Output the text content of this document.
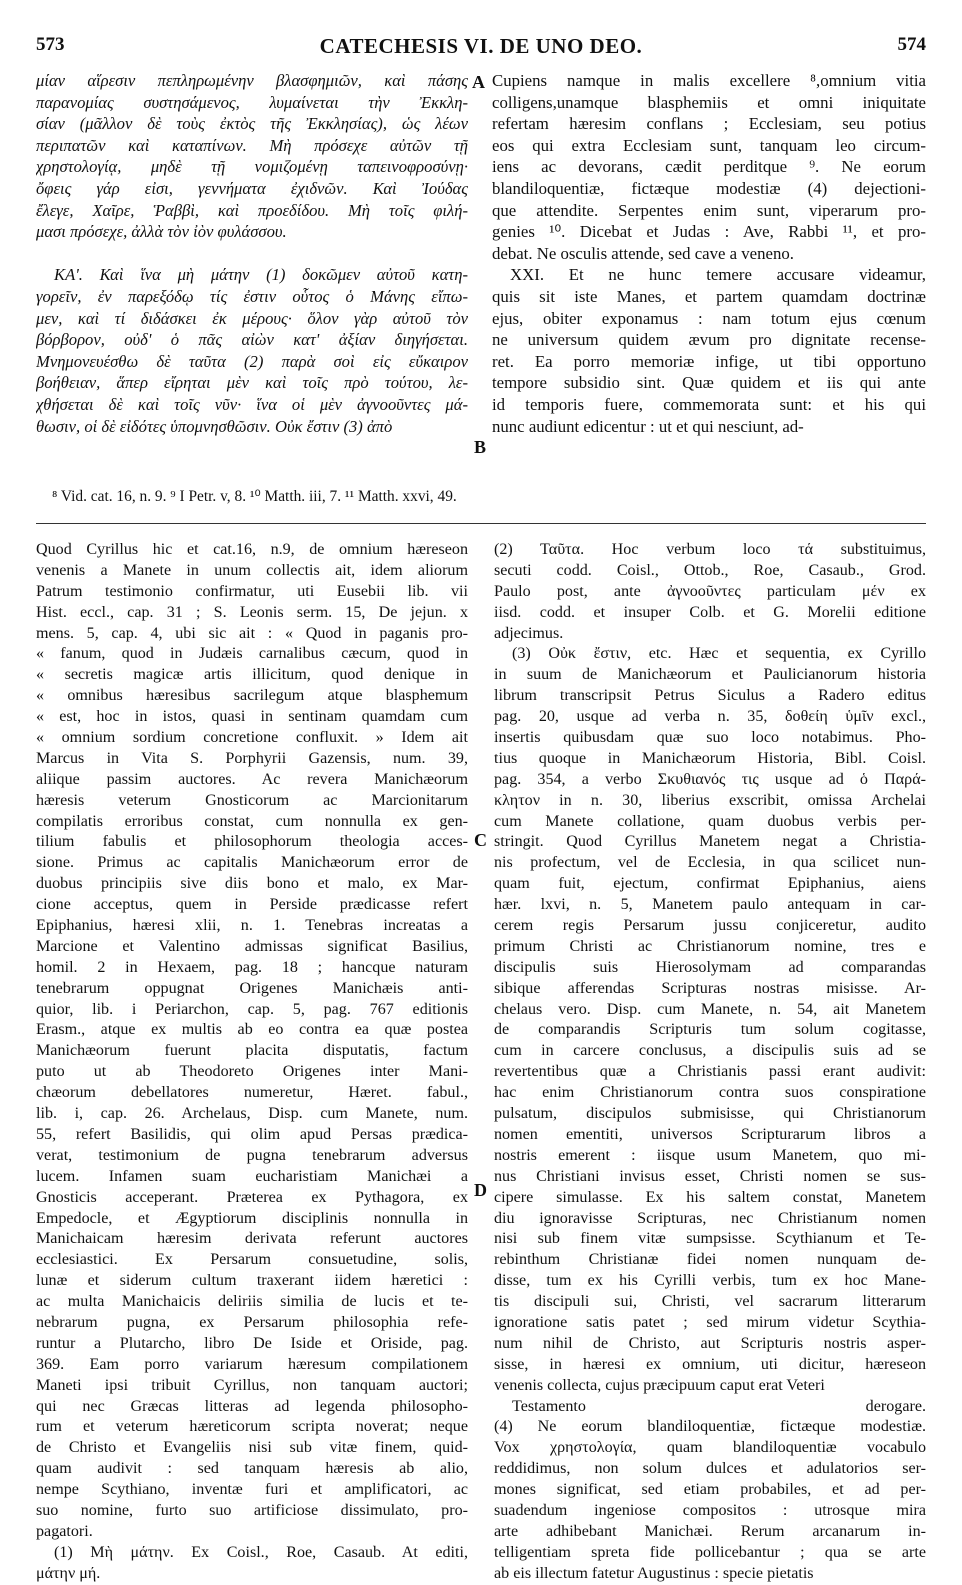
573	CATECHESIS VI. DE UNO DEO.	574
μίαν αἵρεσιν πεπληρωμένην βλασφημιῶν, καὶ πάσης
παρανομίας συστησάμενος, λυμαίνεται τὴν Ἐκκλη-
σίαν (μᾶλλον δὲ τοὺς ἐκτὸς τῆς Ἐκκλησίας), ὡς λέων
περιπατῶν καὶ καταπίνων. Μὴ πρόσεχε αὐτῶν τῇ
χρηστολογίᾳ, μηδὲ τῇ νομιζομένῃ ταπεινοφροσύνῃ·
ὄφεις γάρ εἰσι, γεννήματα ἐχιδνῶν. Καὶ Ἰούδας
ἔλεγε, Χαῖρε, Ῥαββὶ, καὶ προεδίδου. Μὴ τοῖς φιλή-
μασι πρόσεχε, ἀλλὰ τὸν ἰὸν φυλάσσου.
ΚΑ'. Καὶ ἵνα μὴ μάτην (1) δοκῶμεν αὐτοῦ κατη-
γορεῖν, ἐν παρεξόδῳ τίς ἐστιν οὗτος ὁ Μάνης εἴπω-
μεν, καὶ τί διδάσκει ἐκ μέρους· ὅλον γὰρ αὐτοῦ τὸν
βόρβορον, οὐδ' ὁ πᾶς αἰὼν κατ' ἀξίαν διηγήσεται.
Μνημονευέσθω δὲ ταῦτα (2) παρὰ σοὶ εἰς εὔκαιρον
βοήθειαν, ἅπερ εἴρηται μὲν καὶ τοῖς πρὸ τούτου, λε-
χθήσεται δὲ καὶ τοῖς νῦν· ἵνα οἱ μὲν ἀγνοοῦντες μά-
θωσιν, οἱ δὲ εἰδότες ὑπομνησθῶσιν. Οὐκ ἔστιν (3) ἀπὸ
Cupiens namque in malis excellere ⁸,omnium vitia
colligens,unamque blasphemiis et omni iniquitate
refertam hæresim conflans ; Ecclesiam, seu potius
eos qui extra Ecclesiam sunt, tanquam leo circum-
iens ac devorans, cædit perditque ⁹. Ne eorum
blandiloquentiæ, fictæque modestiæ (4) dejectioni-
que attendite. Serpentes enim sunt, viperarum pro-
genies ¹⁰. Dicebat et Judas : Ave, Rabbi ¹¹, et pro-
debat. Ne osculis attende, sed cave a veneno.
XXI. Et ne hunc temere accusare videamur,
quis sit iste Manes, et partem quamdam doctrinæ
ejus, obiter exponamus : nam totum ejus cœnum
ne universum quidem ævum pro dignitate recense-
ret. Ea porro memoriæ infige, ut tibi opportuno
tempore subsidio sint. Quæ quidem et iis qui ante
id temporis fuere, commemorata sunt: et his qui
nunc audiunt edicentur : ut et qui nesciunt, ad-
A
B
C
D
⁸ Vid. cat. 16, n. 9. ⁹ I Petr. v, 8. ¹⁰ Matth. iii, 7. ¹¹ Matth. xxvi, 49.
Quod Cyrillus hic et cat.16, n.9, de omnium hæreseon
venenis a Manete in unum collectis ait, idem aliorum
Patrum testimonio confirmatur, uti Eusebii lib. vii
Hist. eccl., cap. 31 ; S. Leonis serm. 15, De jejun. x
mens. 5, cap. 4, ubi sic ait : « Quod in paganis pro-
« fanum, quod in Judæis carnalibus cæcum, quod in
« secretis magicæ artis illicitum, quod denique in
« omnibus hæresibus sacrilegum atque blasphemum
« est, hoc in istos, quasi in sentinam quamdam cum
« omnium sordium concretione confluxit. » Idem ait
Marcus in Vita S. Porphyrii Gazensis, num. 39,
aliique passim auctores. Ac revera Manichæorum
hæresis veterum Gnosticorum ac Marcionitarum
compilatis erroribus constat, cum nonnulla ex gen-
tilium fabulis et philosophorum theologia acces-
sione. Primus ac capitalis Manichæorum error de
duobus principiis sive diis bono et malo, ex Mar-
cione acceptus, quem in Perside prædicasse refert
Epiphanius, hæresi xlii, n. 1. Tenebras increatas a
Marcione et Valentino admissas significat Basilius,
homil. 2 in Hexaem, pag. 18 ; hancque naturam
tenebrarum oppugnat Origenes Manichæis anti-
quior, lib. i Periarchon, cap. 5, pag. 767 editionis
Erasm., atque ex multis ab eo contra ea quæ postea
Manichæorum fuerunt placita disputatis, factum
puto ut ab Theodoreto Origenes inter Mani-
chæorum debellatores numeretur, Hæret. fabul.,
lib. i, cap. 26. Archelaus, Disp. cum Manete, num.
55, refert Basilidis, qui olim apud Persas prædica-
verat, testimonium de pugna tenebrarum adversus
lucem. Infamen suam eucharistiam Manichæi a
Gnosticis acceperant. Præterea ex Pythagora, ex
Empedocle, et Ægyptiorum disciplinis nonnulla in
Manichaicam hæresim derivata referunt auctores
ecclesiastici. Ex Persarum consuetudine, solis,
lunæ et siderum cultum traxerant iidem hæretici :
ac multa Manichaicis deliriis similia de lucis et te-
nebrarum pugna, ex Persarum philosophia refe-
runtur a Plutarcho, libro De Iside et Oriside, pag.
369. Eam porro variarum hæresum compilationem
Maneti ipsi tribuit Cyrillus, non tanquam auctori;
qui nec Græcas litteras ad legenda philosopho-
rum et veterum hæreticorum scripta noverat; neque
de Christo et Evangeliis nisi sub vitæ finem, quid-
quam audivit : sed tanquam hæresis ab alio,
nempe Scythiano, inventæ furi et amplificatori, ac
suo nomine, furto suo artificiose dissimulato, pro-
pagatori.
(1) Μὴ μάτην. Ex Coisl., Roe, Casaub. At editi,
μάτην μή.
(2) Ταῦτα. Hoc verbum loco τά substituimus,
secuti codd. Coisl., Ottob., Roe, Casaub., Grod.
Paulo post, ante ἀγνοοῦντες particulam μέν ex
iisd. codd. et insuper Colb. et G. Morelii editione
adjecimus.
(3) Οὐκ ἔστιν, etc. Hæc et sequentia, ex Cyrillo
in suum de Manichæorum et Paulicianorum historia
librum transcripsit Petrus Siculus a Radero editus
pag. 20, usque ad verba n. 35, δοθείη ὑμῖν excl.,
insertis quibusdam quæ suo loco notabimus. Pho-
tius quoque in Manichæorum Historia, Bibl. Coisl.
pag. 354, a verbo Σκυθιανός τις usque ad ὁ Παρά-
κλητον in n. 30, liberius exscribit, omissa Archelai
cum Manete collatione, quam duobus verbis per-
stringit. Quod Cyrillus Manetem negat a Christia-
nis profectum, vel de Ecclesia, in qua scilicet nun-
quam fuit, ejectum, confirmat Epiphanius, aiens
hær. lxvi, n. 5, Manetem paulo antequam in car-
cerem regis Persarum jussu conjiceretur, audito
primum Christi ac Christianorum nomine, tres e
discipulis suis Hierosolymam ad comparandas
sibique afferendas Scripturas nostras misisse. Ar-
chelaus vero. Disp. cum Manete, n. 54, ait Manetem
de comparandis Scripturis tum solum cogitasse,
cum in carcere conclusus, a discipulis suis ad se
revertentibus quæ a Christianis passi erant audivit:
hac enim Christianorum contra suos conspiratione
pulsatum, discipulos submisisse, qui Christianorum
nomen ementiti, universos Scripturarum libros a
nostris emerent : iisque usum Manetem, quo mi-
nus Christiani invisus esset, Christi nomen se sus-
cipere simulasse. Ex his saltem constat, Manetem
diu ignoravisse Scripturas, nec Christianum nomen
nisi sub finem vitæ sumpsisse. Scythianum et Te-
rebinthum Christianæ fidei nomen nunquam de-
disse, tum ex his Cyrilli verbis, tum ex hoc Mane-
tis discipuli sui, Christi, vel sacrarum litterarum
ignoratione satis patet ; sed mirum videtur Scythia-
num nihil de Christo, aut Scripturis nostris asper-
sisse, in hæresi ex omnium, uti dicitur, hæreseon
venenis collecta, cujus præcipuum caput erat Veteri
Testamento derogare.
(4) Ne eorum blandiloquentiæ, fictæque modestiæ.
Vox χρηστολογία, quam blandiloquentiæ vocabulo
reddidimus, non solum dulces et adulatorios ser-
mones significat, sed etiam probabiles, et ad per-
suadendum ingeniose compositos : utrosque mira
arte adhibebant Manichæi. Rerum arcanarum in-
telligentiam spreta fide pollicebantur ; qua se arte
ab eis illectum fatetur Augustinus : specie pietatis
